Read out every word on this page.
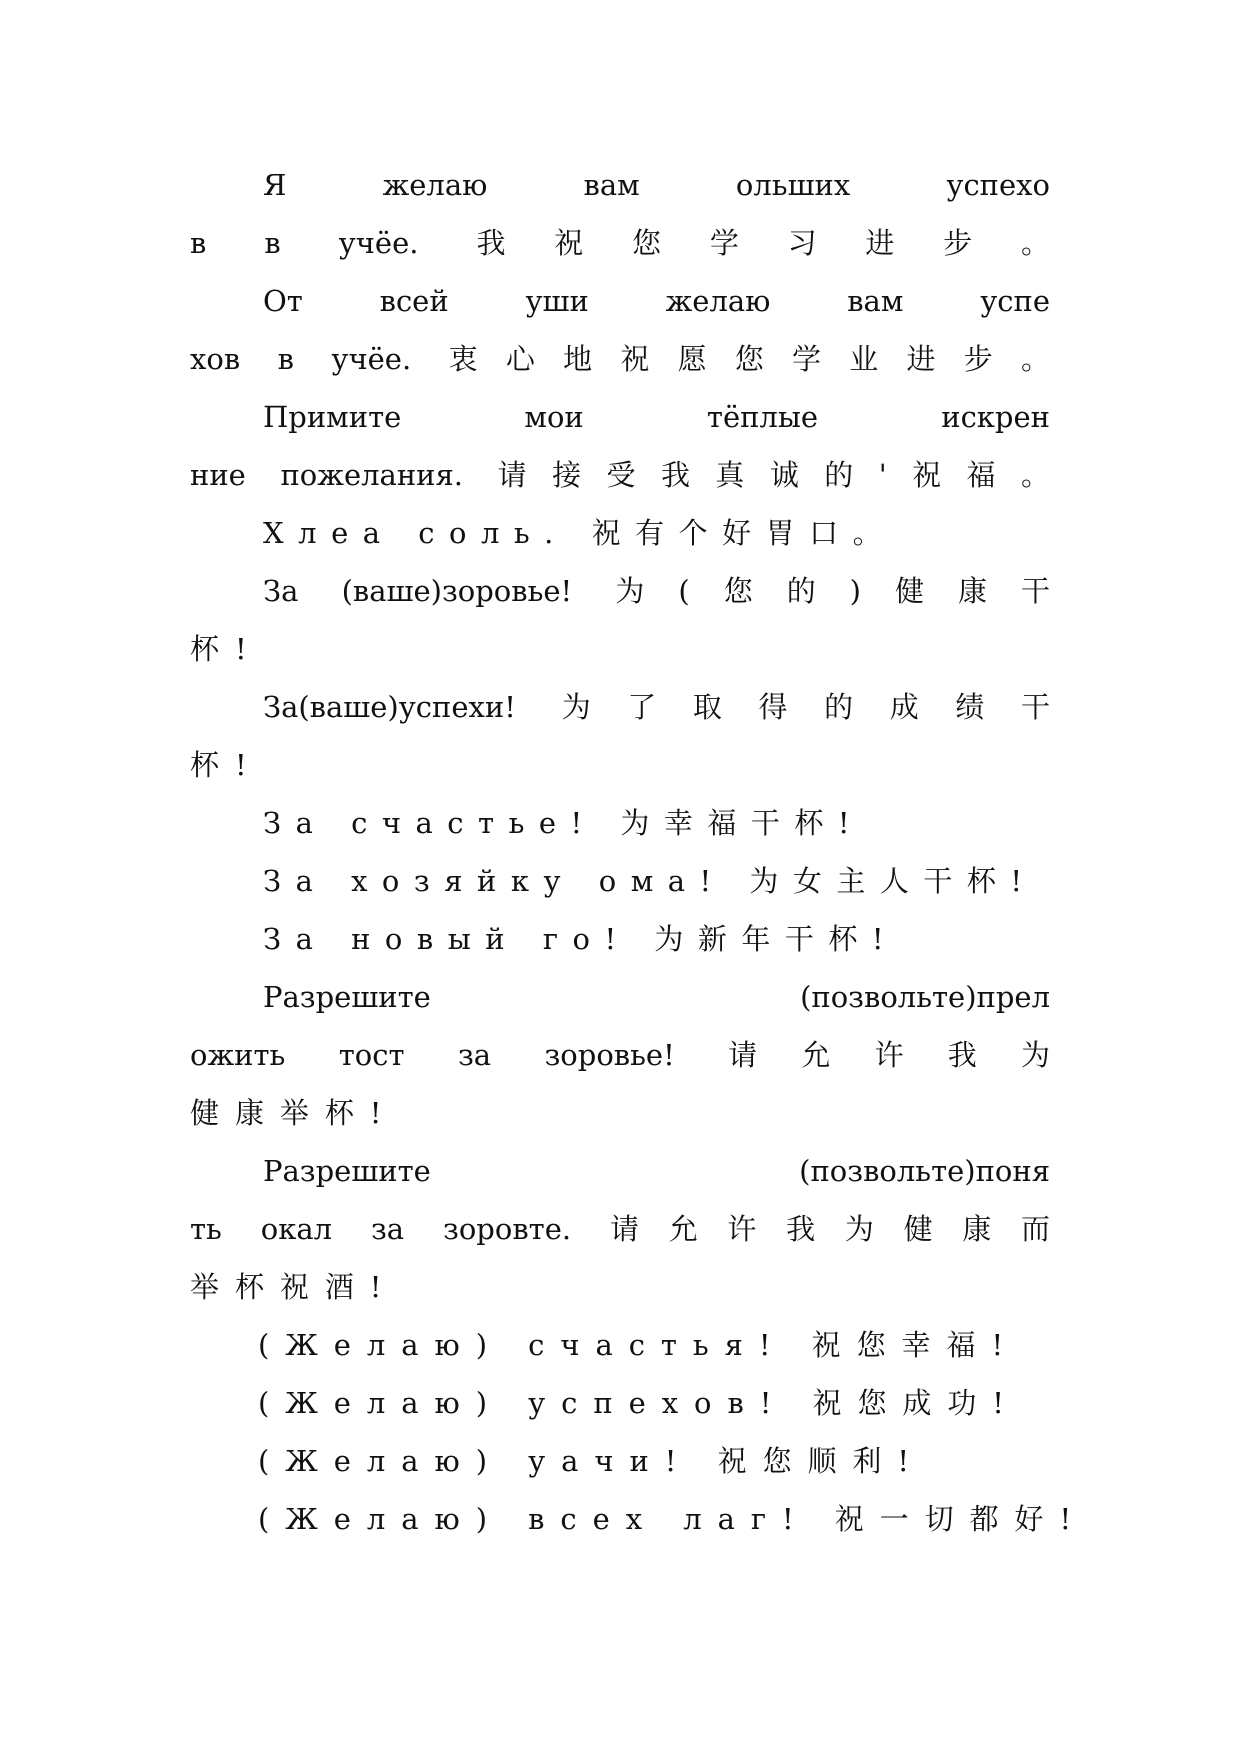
Я желаю вам ольших успехо
в в учёе. 我祝您学习进步。
От всей уши желаю вам успе
хов в учёе. 衷心地祝愿您学业进步。
Примите мои тёплые искрен
ние пожелания. 请接受我真诚的'祝福。
Хлеа соль. 祝有个好胃口。
За (ваше)зоровье! 为(您的)健康干
杯!
За(ваше)успехи! 为了取得的成绩干
杯!
За счастье! 为幸福干杯!
За хозяйку ома! 为女主人干杯!
За новый го! 为新年干杯!
Разрешите (позвольте)прел
ожить тост за зоровье! 请允许我为
健康举杯!
Разрешите (позвольте)поня
ть окал за зоровте. 请允许我为健康而
举杯祝酒!
(Желаю) счастья! 祝您幸福!
(Желаю) успехов! 祝您成功!
(Желаю) уачи! 祝您顺利!
(Желаю) всех лаг! 祝一切都好!
